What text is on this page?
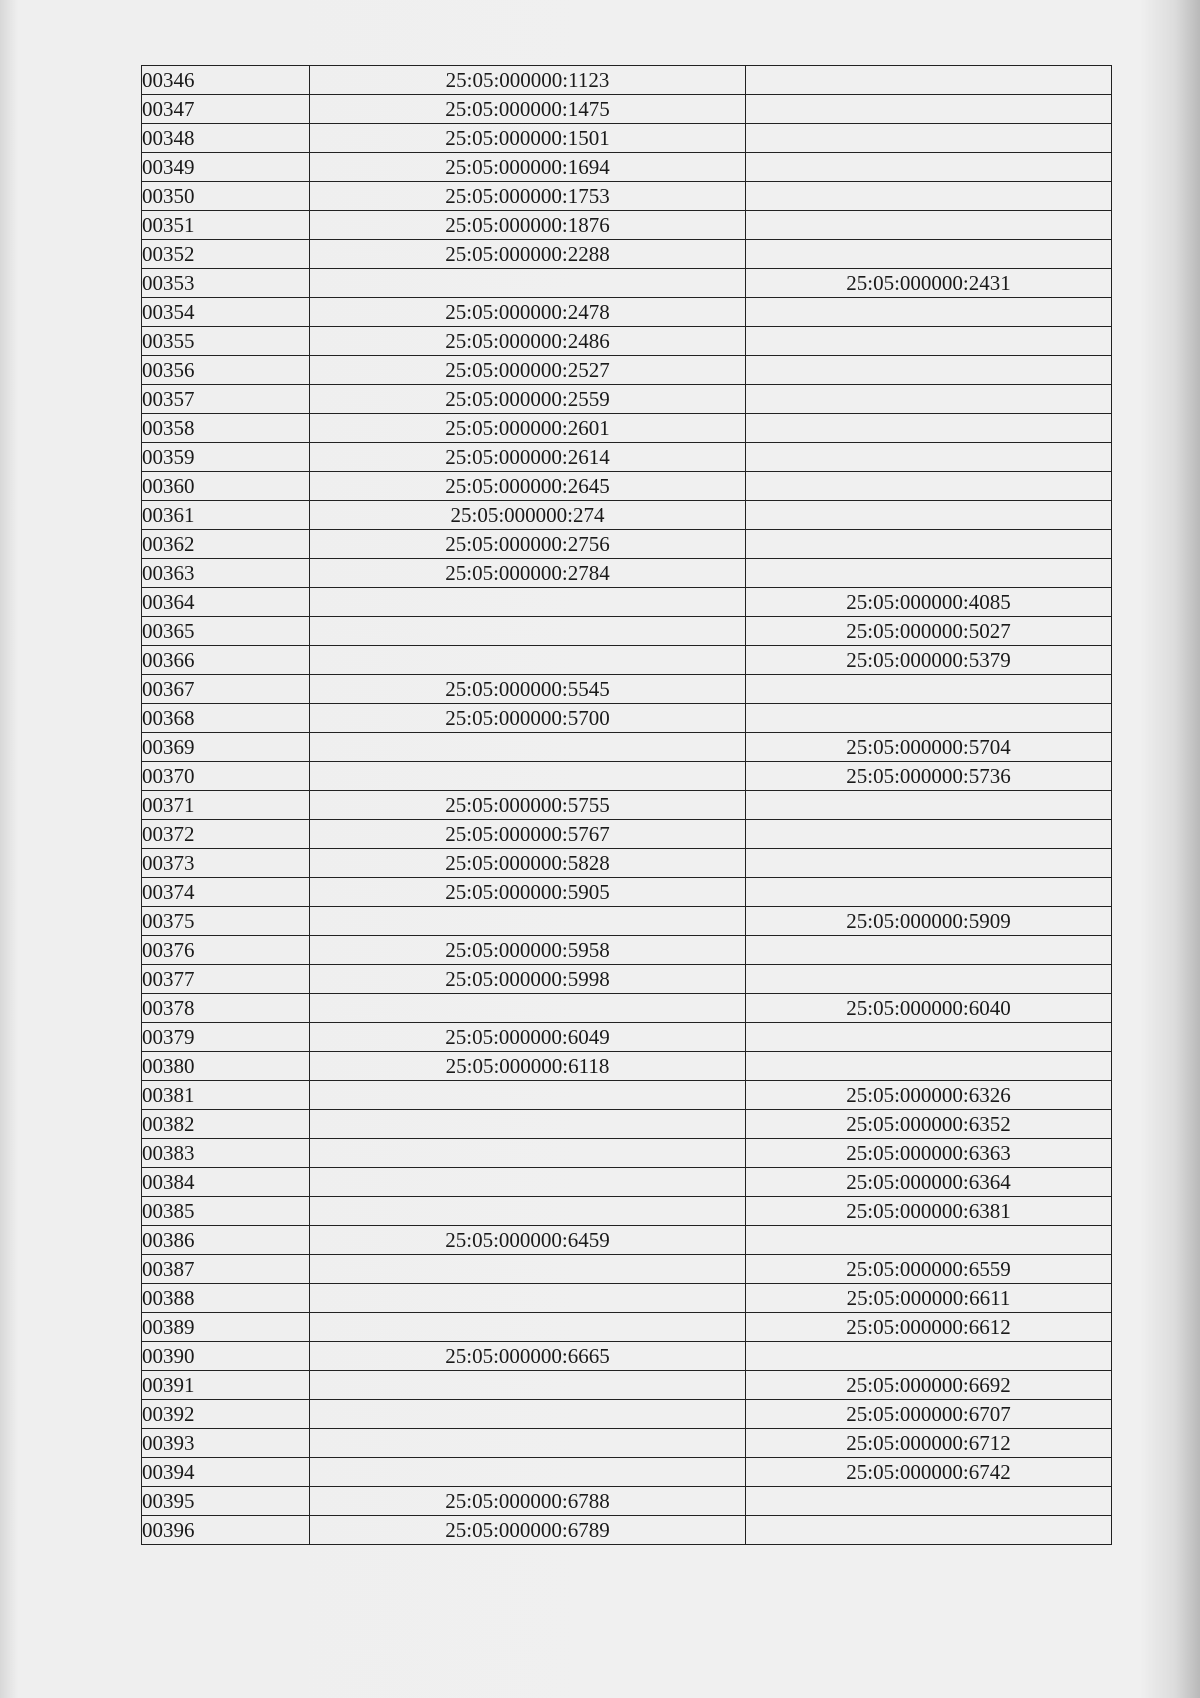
00346	25:05:000000:1123	
00347	25:05:000000:1475	
00348	25:05:000000:1501	
00349	25:05:000000:1694	
00350	25:05:000000:1753	
00351	25:05:000000:1876	
00352	25:05:000000:2288	
00353		25:05:000000:2431
00354	25:05:000000:2478	
00355	25:05:000000:2486	
00356	25:05:000000:2527	
00357	25:05:000000:2559	
00358	25:05:000000:2601	
00359	25:05:000000:2614	
00360	25:05:000000:2645	
00361	25:05:000000:274	
00362	25:05:000000:2756	
00363	25:05:000000:2784	
00364		25:05:000000:4085
00365		25:05:000000:5027
00366		25:05:000000:5379
00367	25:05:000000:5545	
00368	25:05:000000:5700	
00369		25:05:000000:5704
00370		25:05:000000:5736
00371	25:05:000000:5755	
00372	25:05:000000:5767	
00373	25:05:000000:5828	
00374	25:05:000000:5905	
00375		25:05:000000:5909
00376	25:05:000000:5958	
00377	25:05:000000:5998	
00378		25:05:000000:6040
00379	25:05:000000:6049	
00380	25:05:000000:6118	
00381		25:05:000000:6326
00382		25:05:000000:6352
00383		25:05:000000:6363
00384		25:05:000000:6364
00385		25:05:000000:6381
00386	25:05:000000:6459	
00387		25:05:000000:6559
00388		25:05:000000:6611
00389		25:05:000000:6612
00390	25:05:000000:6665	
00391		25:05:000000:6692
00392		25:05:000000:6707
00393		25:05:000000:6712
00394		25:05:000000:6742
00395	25:05:000000:6788	
00396	25:05:000000:6789	
